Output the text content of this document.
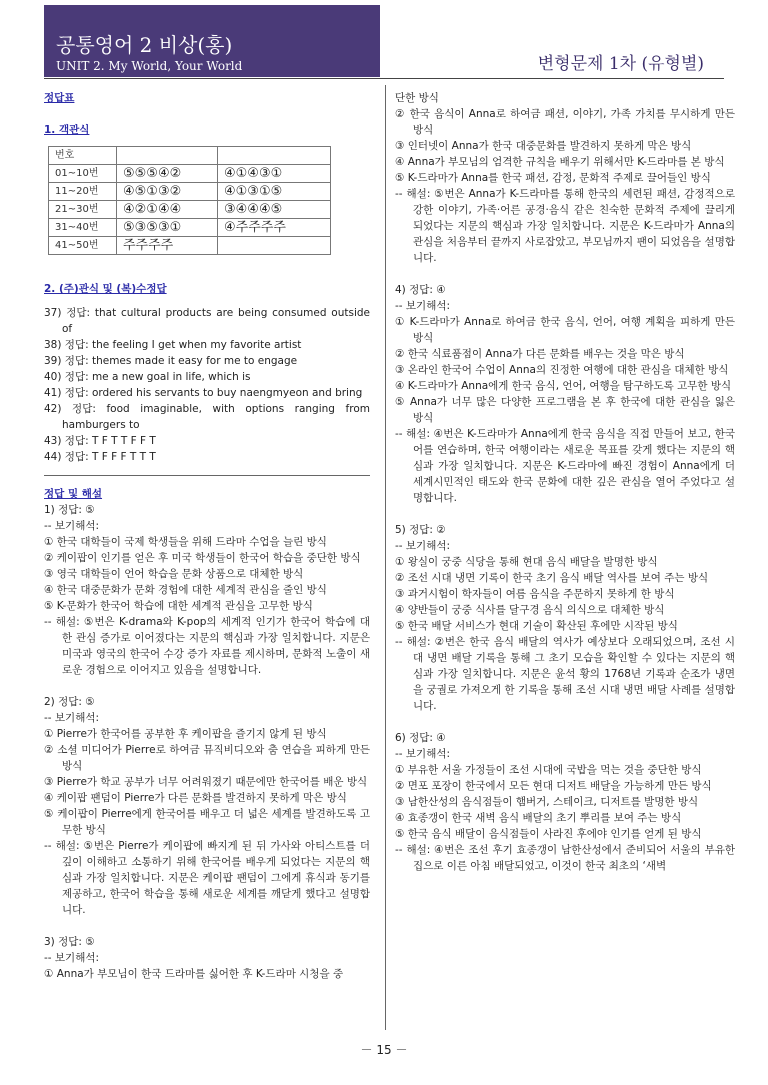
공통영어 2 비상(홍)
UNIT 2. My World, Your World	변형문제 1차 (유형별)

정답표

1. 객관식

번호		
01~10번	⑤⑤⑤④②	④①④③①
11~20번	④⑤①③②	④①③①⑤
21~30번	④②①④④	③④④④⑤
31~40번	⑤③⑤③①	④주주주주
41~50번	주주주주	

2. (주)관식 및 (복)수정답

37) 정답: that cultural products are being consumed outside of

38) 정답: the feeling I get when my favorite artist

39) 정답: themes made it easy for me to engage

40) 정답: me a new goal in life, which is

41) 정답: ordered his servants to buy naengmyeon and bring

42) 정답: food imaginable, with options ranging from hamburgers to

43) 정답: T F T T F F T

44) 정답: T F F F T T T

정답 및 해설

1) 정답: ⑤

-- 보기해석:

① 한국 대학들이 국제 학생들을 위해 드라마 수업을 늘린 방식

② 케이팝이 인기를 얻은 후 미국 학생들이 한국어 학습을 중단한 방식

③ 영국 대학들이 언어 학습을 문화 상품으로 대체한 방식

④ 한국 대중문화가 문화 경험에 대한 세계적 관심을 줄인 방식

⑤ K-문화가 한국어 학습에 대한 세계적 관심을 고무한 방식

-- 해설: ⑤번은 K-drama와 K-pop의 세계적 인기가 한국어 학습에 대한 관심 증가로 이어졌다는 지문의 핵심과 가장 일치합니다. 지문은 미국과 영국의 한국어 수강 증가 자료를 제시하며, 문화적 노출이 새로운 경험으로 이어지고 있음을 설명합니다.

2) 정답: ⑤

-- 보기해석:

① Pierre가 한국어를 공부한 후 케이팝을 즐기지 않게 된 방식

② 소셜 미디어가 Pierre로 하여금 뮤직비디오와 춤 연습을 피하게 만든 방식

③ Pierre가 학교 공부가 너무 어려워졌기 때문에만 한국어를 배운 방식

④ 케이팝 팬덤이 Pierre가 다른 문화를 발견하지 못하게 막은 방식

⑤ 케이팝이 Pierre에게 한국어를 배우고 더 넓은 세계를 발견하도록 고무한 방식

-- 해설: ⑤번은 Pierre가 케이팝에 빠지게 된 뒤 가사와 아티스트를 더 깊이 이해하고 소통하기 위해 한국어를 배우게 되었다는 지문의 핵심과 가장 일치합니다. 지문은 케이팝 팬덤이 그에게 휴식과 동기를 제공하고, 한국어 학습을 통해 새로운 세계를 깨닫게 했다고 설명합니다.

3) 정답: ⑤

-- 보기해석:

① Anna가 부모님이 한국 드라마를 싫어한 후 K-드라마 시청을 중

단한 방식

② 한국 음식이 Anna로 하여금 패션, 이야기, 가족 가치를 무시하게 만든 방식

③ 인터넷이 Anna가 한국 대중문화를 발견하지 못하게 막은 방식

④ Anna가 부모님의 엄격한 규칙을 배우기 위해서만 K-드라마를 본 방식

⑤ K-드라마가 Anna를 한국 패션, 감정, 문화적 주제로 끌어들인 방식

-- 해설: ⑤번은 Anna가 K-드라마를 통해 한국의 세련된 패션, 감정적으로 강한 이야기, 가족·어른 공경·음식 같은 친숙한 문화적 주제에 끌리게 되었다는 지문의 핵심과 가장 일치합니다. 지문은 K-드라마가 Anna의 관심을 처음부터 끝까지 사로잡았고, 부모님까지 팬이 되었음을 설명합니다.

4) 정답: ④

-- 보기해석:

① K-드라마가 Anna로 하여금 한국 음식, 언어, 여행 계획을 피하게 만든 방식

② 한국 식료품점이 Anna가 다른 문화를 배우는 것을 막은 방식

③ 온라인 한국어 수업이 Anna의 진정한 여행에 대한 관심을 대체한 방식

④ K-드라마가 Anna에게 한국 음식, 언어, 여행을 탐구하도록 고무한 방식

⑤ Anna가 너무 많은 다양한 프로그램을 본 후 한국에 대한 관심을 잃은 방식

-- 해설: ④번은 K-드라마가 Anna에게 한국 음식을 직접 만들어 보고, 한국어를 연습하며, 한국 여행이라는 새로운 목표를 갖게 했다는 지문의 핵심과 가장 일치합니다. 지문은 K-드라마에 빠진 경험이 Anna에게 더 세계시민적인 태도와 한국 문화에 대한 깊은 관심을 열어 주었다고 설명합니다.

5) 정답: ②

-- 보기해석:

① 왕실이 궁중 식당을 통해 현대 음식 배달을 발명한 방식

② 조선 시대 냉면 기록이 한국 초기 음식 배달 역사를 보여 주는 방식

③ 과거시험이 학자들이 여름 음식을 주문하지 못하게 한 방식

④ 양반들이 궁중 식사를 달구경 음식 의식으로 대체한 방식

⑤ 한국 배달 서비스가 현대 기술이 확산된 후에만 시작된 방식

-- 해설: ②번은 한국 음식 배달의 역사가 예상보다 오래되었으며, 조선 시대 냉면 배달 기록을 통해 그 초기 모습을 확인할 수 있다는 지문의 핵심과 가장 일치합니다. 지문은 윤석 황의 1768년 기록과 순조가 냉면을 궁궐로 가져오게 한 기록을 통해 조선 시대 냉면 배달 사례를 설명합니다.

6) 정답: ④

-- 보기해석:

① 부유한 서울 가정들이 조선 시대에 국밥을 먹는 것을 중단한 방식

② 면포 포장이 한국에서 모든 현대 디저트 배달을 가능하게 만든 방식

③ 남한산성의 음식점들이 햄버거, 스테이크, 디저트를 발명한 방식

④ 효종갱이 한국 새벽 음식 배달의 초기 뿌리를 보여 주는 방식

⑤ 한국 음식 배달이 음식점들이 사라진 후에야 인기를 얻게 된 방식

-- 해설: ④번은 조선 후기 효종갱이 남한산성에서 준비되어 서울의 부유한 집으로 이른 아침 배달되었고, 이것이 한국 최초의 ‘새벽

－ 15 －
